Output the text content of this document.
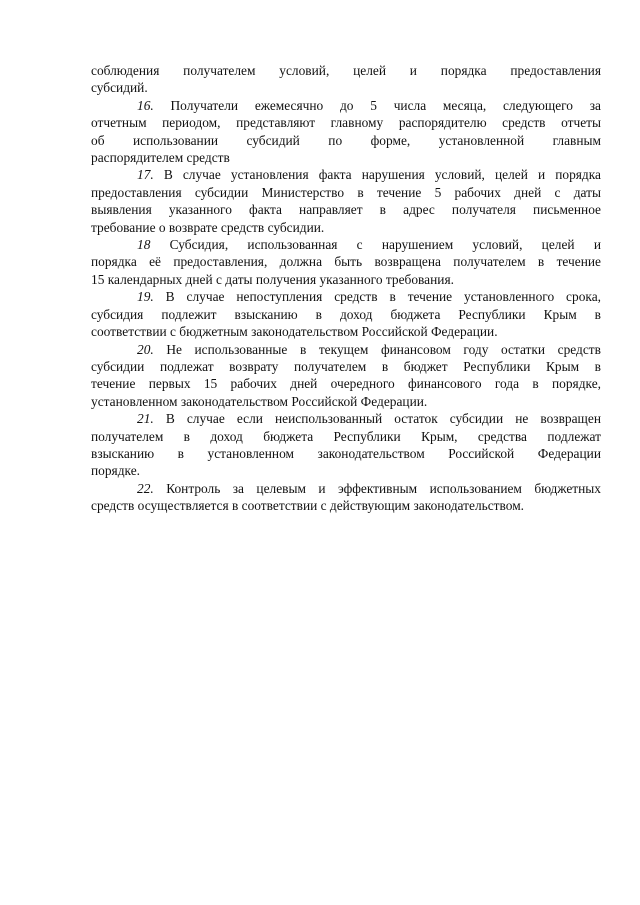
соблюдения получателем условий, целей и порядка предоставления
субсидий.

16. Получатели ежемесячно до 5 числа месяца, следующего за
отчетным периодом, представляют главному распорядителю средств отчеты
об использовании субсидий по форме, установленной главным
распорядителем средств

17. В случае установления факта нарушения условий, целей и порядка
предоставления субсидии Министерство в течение 5 рабочих дней с даты
выявления указанного факта направляет в адрес получателя письменное
требование о возврате средств субсидии.

18 Субсидия, использованная с нарушением условий, целей и
порядка её предоставления, должна быть возвращена получателем в течение
15 календарных дней с даты получения указанного требования.

19. В случае непоступления средств в течение установленного срока,
субсидия подлежит взысканию в доход бюджета Республики Крым в
соответствии с бюджетным законодательством Российской Федерации.

20. Не использованные в текущем финансовом году остатки средств
субсидии подлежат возврату получателем в бюджет Республики Крым в
течение первых 15 рабочих дней очередного финансового года в порядке,
установленном законодательством Российской Федерации.

21. В случае если неиспользованный остаток субсидии не возвращен
получателем в доход бюджета Республики Крым, средства подлежат
взысканию в установленном законодательством Российской Федерации
порядке.

22. Контроль за целевым и эффективным использованием бюджетных
средств осуществляется в соответствии с действующим законодательством.
